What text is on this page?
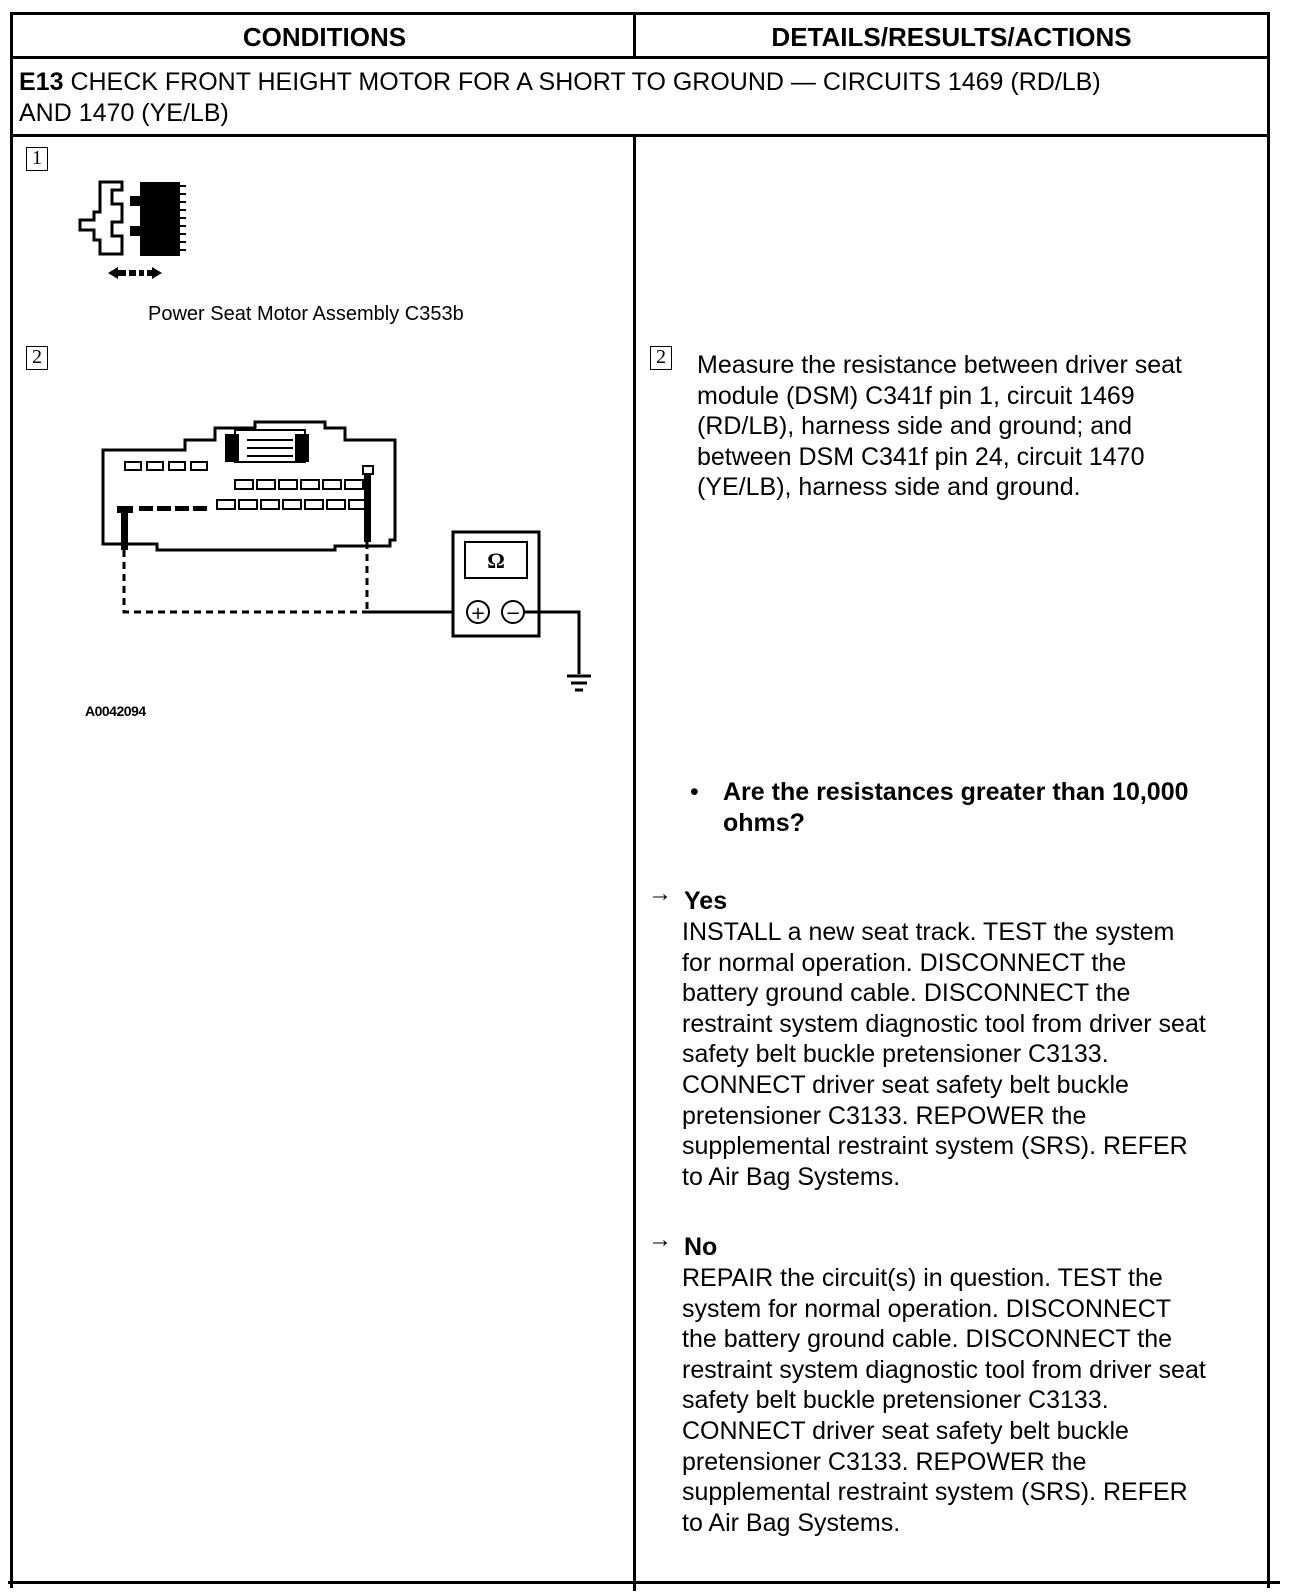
CONDITIONS	DETAILS/RESULTS/ACTIONS
E13 CHECK FRONT HEIGHT MOTOR FOR A SHORT TO GROUND — CIRCUITS 1469 (RD/LB)
AND 1470 (YE/LB)
1
Power Seat Motor Assembly C353b
2
Ω
+ −
A0042094
2 Measure the resistance between driver seat
module (DSM) C341f pin 1, circuit 1469
(RD/LB), harness side and ground; and
between DSM C341f pin 24, circuit 1470
(YE/LB), harness side and ground.
• Are the resistances greater than 10,000
ohms?
→ Yes
INSTALL a new seat track. TEST the system
for normal operation. DISCONNECT the
battery ground cable. DISCONNECT the
restraint system diagnostic tool from driver seat
safety belt buckle pretensioner C3133.
CONNECT driver seat safety belt buckle
pretensioner C3133. REPOWER the
supplemental restraint system (SRS). REFER
to Air Bag Systems.
→ No
REPAIR the circuit(s) in question. TEST the
system for normal operation. DISCONNECT
the battery ground cable. DISCONNECT the
restraint system diagnostic tool from driver seat
safety belt buckle pretensioner C3133.
CONNECT driver seat safety belt buckle
pretensioner C3133. REPOWER the
supplemental restraint system (SRS). REFER
to Air Bag Systems.
